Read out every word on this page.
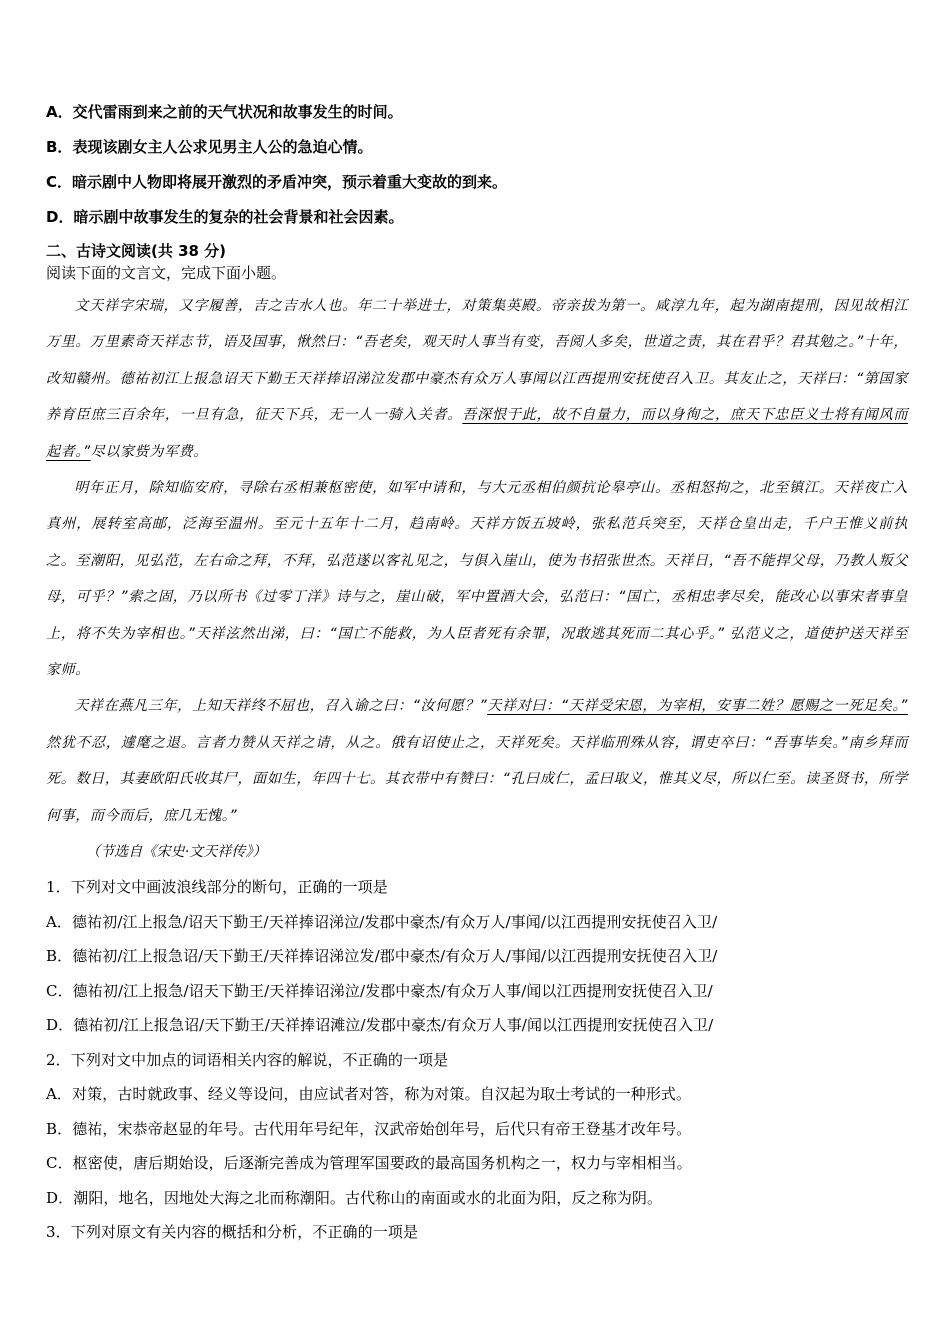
A．交代雷雨到来之前的天气状况和故事发生的时间。
B．表现该剧女主人公求见男主人公的急迫心情。
C．暗示剧中人物即将展开激烈的矛盾冲突，预示着重大变故的到来。
D．暗示剧中故事发生的复杂的社会背景和社会因素。
二、古诗文阅读(共 38 分)
阅读下面的文言文，完成下面小题。

文天祥字宋瑞，又字履善，吉之吉水人也。年二十举进士，对策集英殿。帝亲拔为第一。咸淳九年，起为湖南提刑，因见故相江万里。万里素奇天祥志节，语及国事，愀然曰：“吾老矣，观天时人事当有变，吾阅人多矣，世道之责，其在君乎？君其勉之。”十年，改知赣州。德祐初江上报急诏天下勤王天祥捧诏涕泣发郡中豪杰有众万人事闻以江西提刑安抚使召入卫。其友止之，天祥曰：“第国家养育臣庶三百余年，一旦有急，征天下兵，无一人一骑入关者。吾深恨于此，故不自量力，而以身徇之，庶天下忠臣义士将有闻风而起者。”尽以家赀为军费。

明年正月，除知临安府，寻除右丞相兼枢密使，如军中请和，与大元丞相伯颜抗论皋亭山。丞相怒拘之，北至镇江。天祥夜亡入真州，展转室高邮，泛海至温州。至元十五年十二月，趋南岭。天祥方饭五坡岭，张私范兵突至，天祥仓皇出走，千户王惟义前执之。至潮阳，见弘范，左右命之拜，不拜，弘范遂以客礼见之，与俱入崖山，使为书招张世杰。天祥日，“吾不能捍父母，乃教人叛父母，可乎？”索之固，乃以所书《过零丁洋》诗与之，崖山破，军中置酒大会，弘范曰：“国亡，丞相忠孝尽矣，能改心以事宋者事皇上，将不失为宰相也。”天祥泫然出涕，曰：“国亡不能救，为人臣者死有余罪，况敢逃其死而二其心乎。” 弘范义之，道使护送天祥至家师。

天祥在燕凡三年，上知天祥终不屈也，召入谕之曰：“汝何愿？”天祥对曰：“天祥受宋恩，为宰相，安事二姓？愿赐之一死足矣。” 然犹不忍，遽麾之退。言者力赞从天祥之请，从之。俄有诏使止之，天祥死矣。天祥临刑殊从容，谓吏卒曰：“吾事毕矣。”南乡拜而死。数日，其妻欧阳氏收其尸，面如生，年四十七。其衣带中有赞曰：“孔曰成仁，孟曰取义，惟其义尽，所以仁至。读圣贤书，所学何事，而今而后，庶几无愧。”

（节选自《宋史·文天祥传》）
1．下列对文中画波浪线部分的断句，正确的一项是
A．德祐初/江上报急/诏天下勤王/天祥捧诏涕泣/发郡中豪杰/有众万人/事闻/以江西提刑安抚使召入卫/
B．德祐初/江上报急诏/天下勤王/天祥捧诏涕泣发/郡中豪杰/有众万人/事闻/以江西提刑安抚使召入卫/
C．德祐初/江上报急/诏天下勤王/天祥捧诏涕泣/发郡中豪杰/有众万人事/闻以江西提刑安抚使召入卫/
D．德祐初/江上报急诏/天下勤王/天祥捧诏滩泣/发郡中豪杰/有众万人事/闻以江西提刑安抚使召入卫/
2．下列对文中加点的词语相关内容的解说，不正确的一项是
A．对策，古时就政事、经义等设问，由应试者对答，称为对策。自汉起为取士考试的一种形式。
B．德祐，宋恭帝赵显的年号。古代用年号纪年，汉武帝始创年号，后代只有帝王登基才改年号。
C．枢密使，唐后期始设，后逐渐完善成为管理军国要政的最高国务机构之一，权力与宰相相当。
D．潮阳，地名，因地处大海之北而称潮阳。古代称山的南面或水的北面为阳，反之称为阴。
3．下列对原文有关内容的概括和分析，不正确的一项是
